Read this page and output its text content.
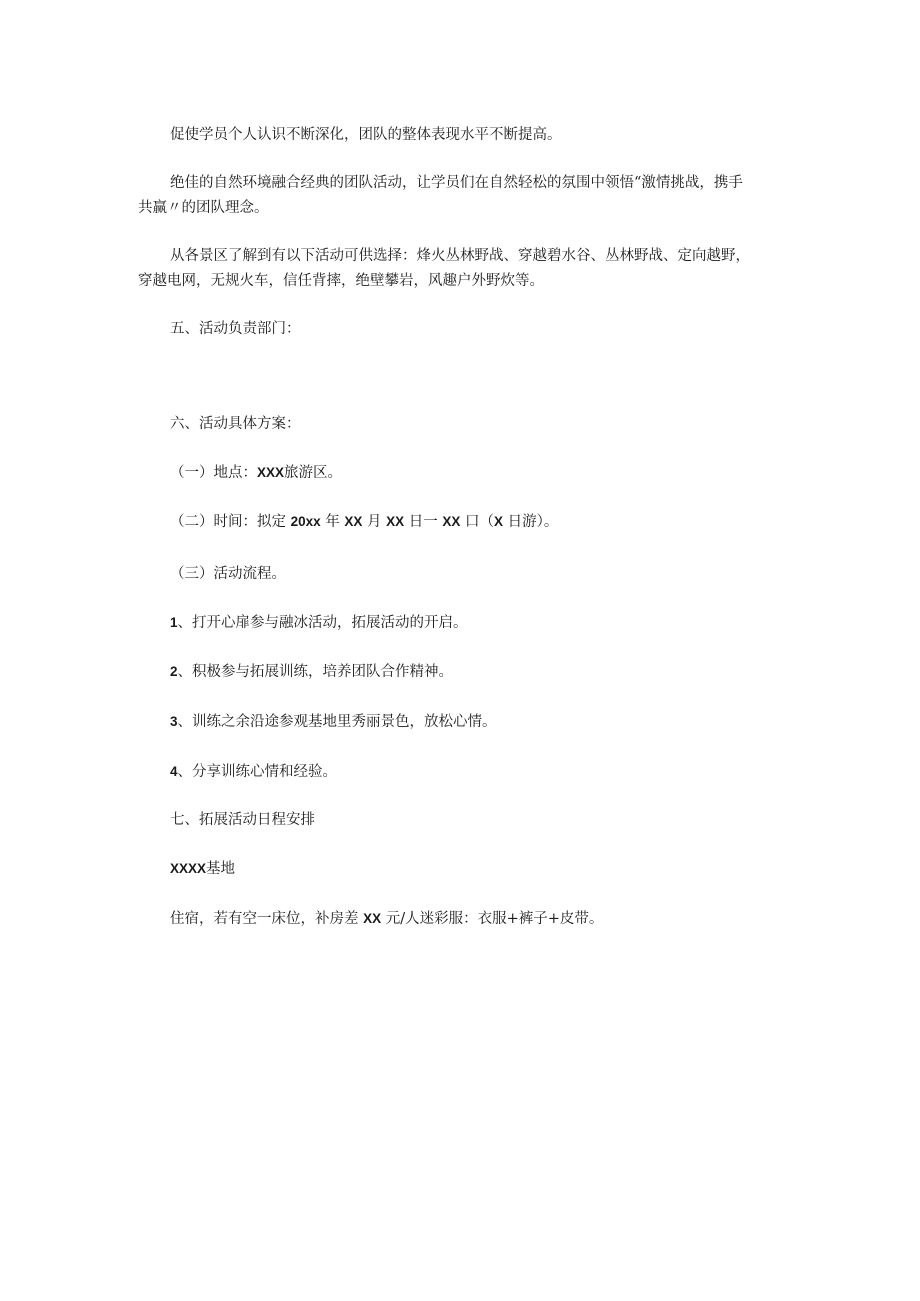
促使学员个人认识不断深化，团队的整体表现水平不断提高。

绝佳的自然环境融合经典的团队活动，让学员们在自然轻松的氛围中领悟“激情挑战，携手

共赢〃的团队理念。

从各景区了解到有以下活动可供选择：烽火丛林野战、穿越碧水谷、丛林野战、定向越野，

穿越电网，无规火车，信任背摔，绝壁攀岩，风趣户外野炊等。

五、活动负责部门：

六、活动具体方案：

（一）地点：XXX旅游区。

（二）时间：拟定 20xx 年 XX 月 XX 日一 XX 口（X 日游）。

（三）活动流程。

1、打开心扉参与融冰活动，拓展活动的开启。

2、积极参与拓展训练，培养团队合作精神。

3、训练之余沿途参观基地里秀丽景色，放松心情。

4、分享训练心情和经验。

七、拓展活动日程安排

XXXX基地

住宿，若有空一床位，补房差 XX 元/人迷彩服：衣服+裤子+皮带。
